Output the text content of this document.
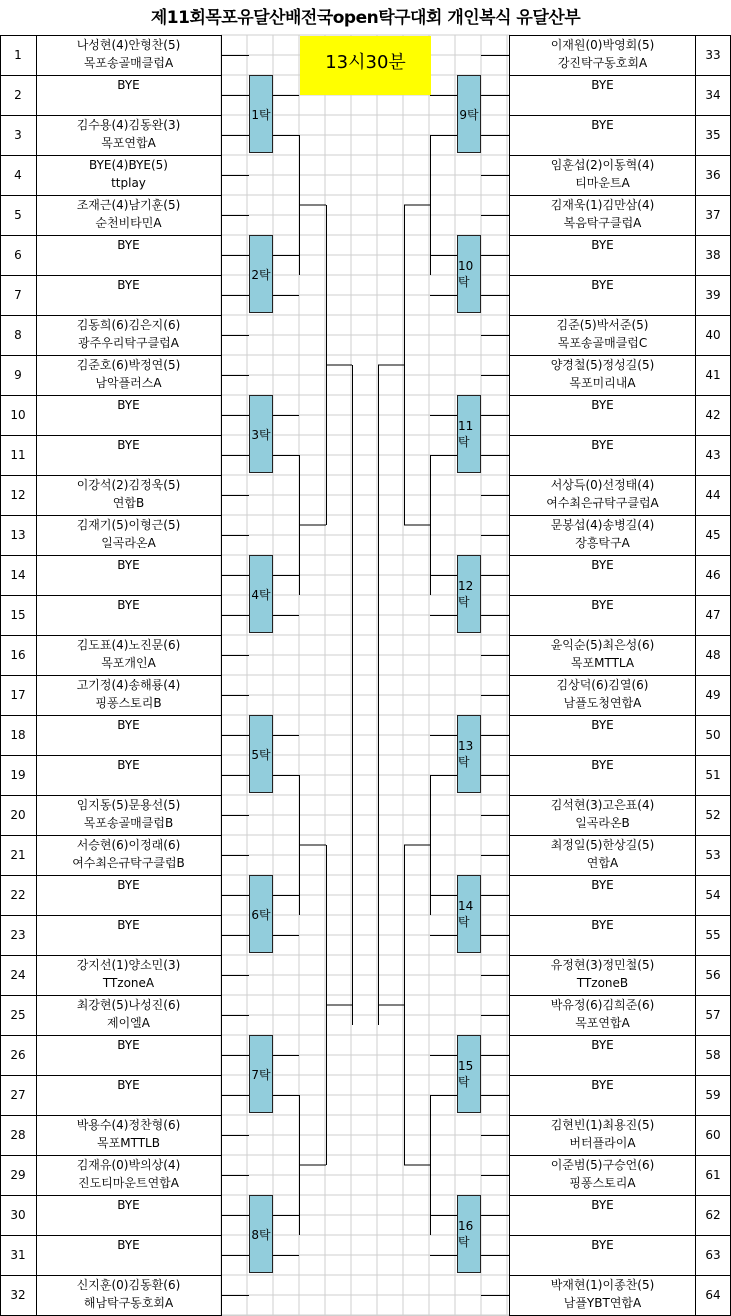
제11회목포유달산배전국open탁구대회 개인복식 유달산부
13시30분
1
나성현(4)안형찬(5)
목포송골매클럽A
2
BYE
3
김수용(4)김동완(3)
목포연합A
4
BYE(4)BYE(5)
ttplay
5
조재근(4)남기훈(5)
순천비타민A
6
BYE
7
BYE
8
김동희(6)김은지(6)
광주우리탁구클럽A
9
김준호(6)박정연(5)
남악플러스A
10
BYE
11
BYE
12
이강석(2)김정욱(5)
연합B
13
김재기(5)이형근(5)
일곡라온A
14
BYE
15
BYE
16
김도표(4)노진문(6)
목포개인A
17
고기정(4)송해룡(4)
핑퐁스토리B
18
BYE
19
BYE
20
임지동(5)문용선(5)
목포송골매클럽B
21
서승현(6)이정래(6)
여수최은규탁구클럽B
22
BYE
23
BYE
24
강지선(1)양소민(3)
TTzoneA
25
최강현(5)나성진(6)
제이엘A
26
BYE
27
BYE
28
박용수(4)정찬형(6)
목포MTTLB
29
김재유(0)박의상(4)
진도티마운트연합A
30
BYE
31
BYE
32
신지훈(0)김동환(6)
해남탁구동호회A
33
이재원(0)박영회(5)
강진탁구동호회A
34
BYE
35
BYE
36
임훈섭(2)이동혁(4)
티마운트A
37
김재욱(1)김만삼(4)
복음탁구클럽A
38
BYE
39
BYE
40
김준(5)박서준(5)
목포송골매클럽C
41
양경철(5)정성길(5)
목포미리내A
42
BYE
43
BYE
44
서상득(0)선정태(4)
여수최은규탁구클럽A
45
문봉섭(4)송병길(4)
장흥탁구A
46
BYE
47
BYE
48
윤익순(5)최은성(6)
목포MTTLA
49
김상덕(6)김열(6)
남플도청연합A
50
BYE
51
BYE
52
김석현(3)고은표(4)
일곡라온B
53
최정일(5)한상길(5)
연합A
54
BYE
55
BYE
56
유정현(3)정민철(5)
TTzoneB
57
박유정(6)김희준(6)
목포연합A
58
BYE
59
BYE
60
김현빈(1)최용진(5)
버터플라이A
61
이준범(5)구승언(6)
핑퐁스토리A
62
BYE
63
BYE
64
박재현(1)이종찬(5)
남플YBT연합A
1탁	9탁
2탁
10탁
3탁
11탁
4탁
12탁
5탁
13탁
6탁
14탁
7탁
15탁
8탁
16탁
